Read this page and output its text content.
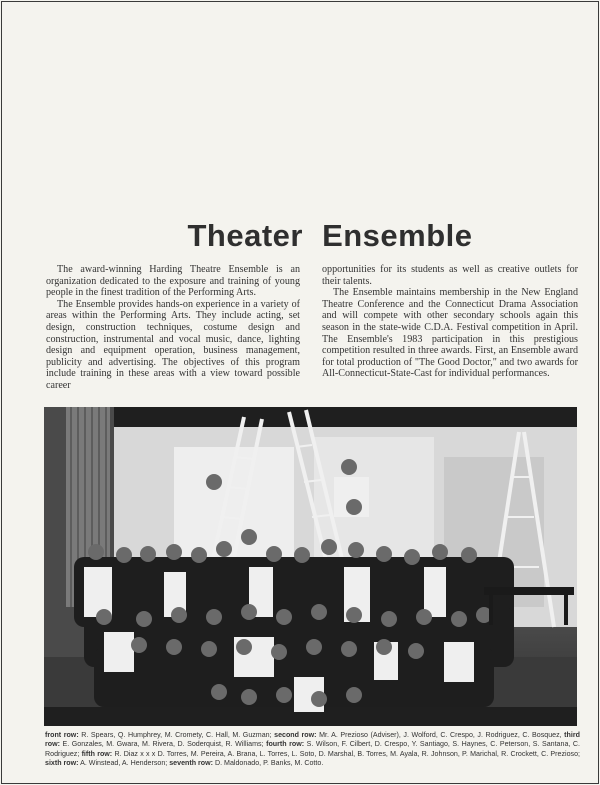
Theater Ensemble

The award-winning Harding Theatre Ensemble is an organization dedicated to the exposure and training of young people in the finest tradition of the Performing Arts.

The Ensemble provides hands-on experience in a variety of areas within the Performing Arts. They include acting, set design, construction techniques, costume design and construction, instrumental and vocal music, dance, lighting design and equipment operation, business management, publicity and advertising. The objectives of this program include training in these areas with a view toward possible career

opportunities for its students as well as creative outlets for their talents.

The Ensemble maintains membership in the New England Theatre Conference and the Connecticut Drama Association and will compete with other secondary schools again this season in the state-wide C.D.A. Festival competition in April. The Ensemble's 1983 participation in this prestigious competition resulted in three awards. First, an Ensemble award for total production of "The Good Doctor," and two awards for All-Connecticut-State-Cast for individual performances.

front row: R. Spears, Q. Humphrey, M. Cromety, C. Hall, M. Guzman; second row: Mr. A. Prezioso (Adviser), J. Wolford, C. Crespo, J. Rodriguez, C. Bosquez, third row: E. Gonzales, M. Gwara, M. Rivera, D. Soderquist, R. Williams; fourth row: S. Wilson, F. Cilbert, D. Crespo, Y. Santiago, S. Haynes, C. Peterson, S. Santana, C. Rodriguez; fifth row: R. Diaz x x x D. Torres, M. Pereira, A. Brana, L. Torres, L. Soto, D. Marshal, B. Torres, M. Ayala, R. Johnson, P. Marichal, R. Crockett, C. Prezioso; sixth row: A. Winstead, A. Henderson; seventh row: D. Maldonado, P. Banks, M. Cotto.
